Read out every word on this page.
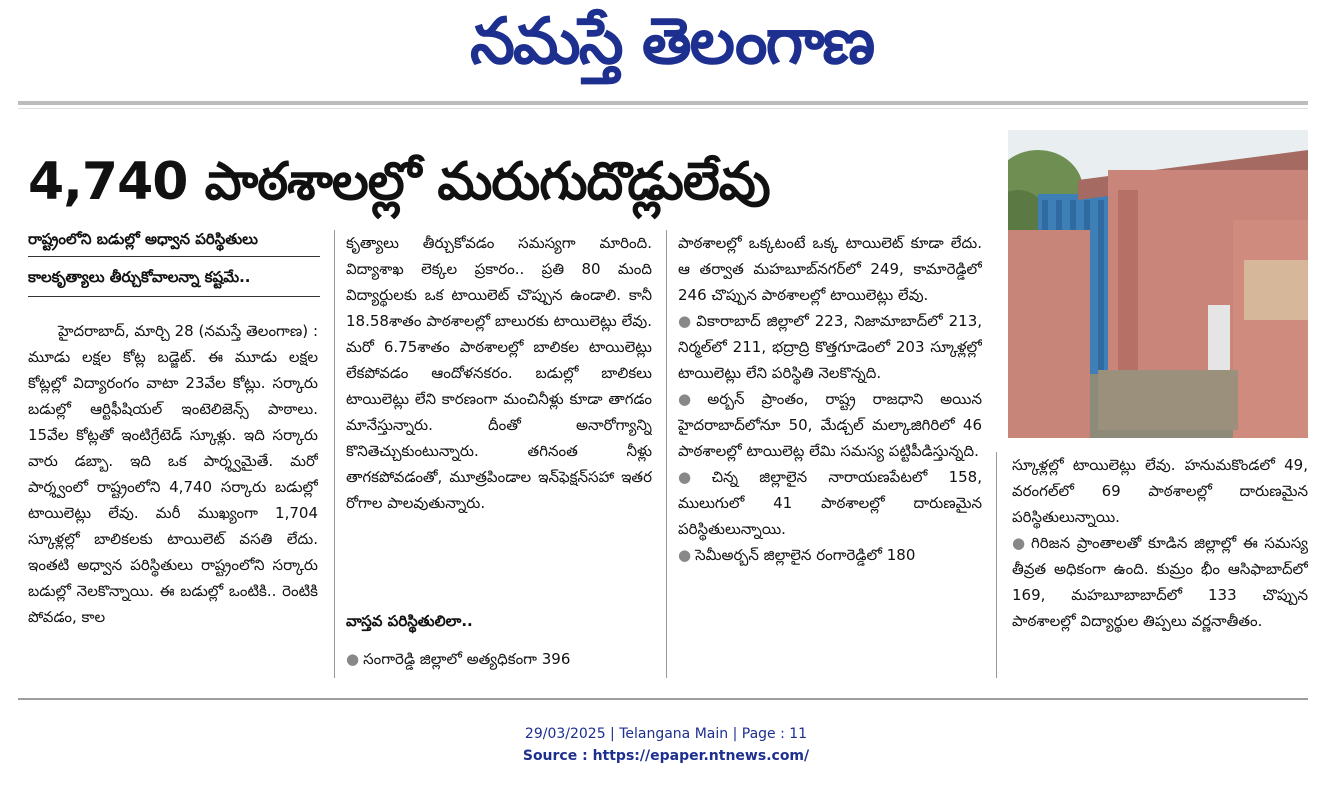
నమస్తే తెలంగాణ
4,740 పాఠశాలల్లో మరుగుదొడ్లులేవు
రాష్ట్రంలోని బడుల్లో అధ్వాన పరిస్థితులు
కాలకృత్యాలు తీర్చుకోవాలన్నా కష్టమే..

హైదరాబాద్, మార్చి 28 (నమస్తే తెలంగాణ) : మూడు లక్షల కోట్ల బడ్జెట్. ఈ మూడు లక్షల కోట్లల్లో విద్యారంగం వాటా 23వేల కోట్లు. సర్కారు బడుల్లో ఆర్టిఫీషియల్ ఇంటెలిజెన్స్ పాఠాలు. 15వేల కోట్లతో ఇంటిగ్రేటెడ్ స్కూళ్లు. ఇది సర్కారు వారు డబ్బా. ఇది ఒక పార్శ్వమైతే. మరో పార్శ్వంలో రాష్ట్రంలోని 4,740 సర్కారు బడుల్లో టాయిలెట్లు లేవు. మరీ ముఖ్యంగా 1,704 స్కూళ్లల్లో బాలికలకు టాయిలెట్ వసతి లేదు. ఇంతటి అధ్వాన పరిస్థితులు రాష్ట్రంలోని సర్కారు బడుల్లో నెలకొన్నాయి. ఈ బడుల్లో ఒంటికి.. రెంటికి పోవడం, కాల

కృత్యాలు తీర్చుకోవడం సమస్యగా మారింది. విద్యాశాఖ లెక్కల ప్రకారం.. ప్రతి 80 మంది విద్యార్థులకు ఒక టాయిలెట్ చొప్పున ఉండాలి. కానీ 18.58శాతం పాఠశాలల్లో బాలురకు టాయిలెట్లు లేవు. మరో 6.75శాతం పాఠశాలల్లో బాలికల టాయిలెట్లు లేకపోవడం ఆందోళనకరం. బడుల్లో బాలికలు టాయిలెట్లు లేని కారణంగా మంచినీళ్లు కూడా తాగడం మానేస్తున్నారు. దీంతో అనారోగ్యాన్ని కొనితెచ్చుకుంటున్నారు. తగినంత నీళ్లు తాగకపోవడంతో, మూత్రపిండాల ఇన్‌ఫెక్షన్‌సహా ఇతర రోగాల పాలవుతున్నారు.

వాస్తవ పరిస్థితులిలా..

● సంగారెడ్డి జిల్లాలో అత్యధికంగా 396

పాఠశాలల్లో ఒక్కటంటే ఒక్క టాయిలెట్ కూడా లేదు. ఆ తర్వాత మహబూబ్‌నగర్‌లో 249, కామారెడ్డిలో 246 చొప్పున పాఠశాలల్లో టాయిలెట్లు లేవు.

● వికారాబాద్ జిల్లాలో 223, నిజామాబాద్‌లో 213, నిర్మల్‌లో 211, భద్రాద్రి కొత్తగూడెంలో 203 స్కూళ్లల్లో టాయిలెట్లు లేని పరిస్థితి నెలకొన్నది.

● అర్బన్ ప్రాంతం, రాష్ట్ర రాజధాని అయిన హైదరాబాద్‌లోనూ 50, మేడ్చల్ మల్కాజిగిరిలో 46 పాఠశాలల్లో టాయిలెట్ల లేమి సమస్య పట్టిపీడిస్తున్నది.

● చిన్న జిల్లాలైన నారాయణపేటలో 158, ములుగులో 41 పాఠశాలల్లో దారుణమైన పరిస్థితులున్నాయి.

● సెమీఅర్బన్ జిల్లాలైన రంగారెడ్డిలో 180

స్కూళ్లల్లో టాయిలెట్లు లేవు. హనుమకొండలో 49, వరంగల్‌లో 69 పాఠశాలల్లో దారుణమైన పరిస్థితులున్నాయి.

● గిరిజన ప్రాంతాలతో కూడిన జిల్లాల్లో ఈ సమస్య తీవ్రత అధికంగా ఉంది. కుమ్రం భీం ఆసిఫాబాద్‌లో 169, మహబూబాబాద్‌లో 133 చొప్పున పాఠశాలల్లో విద్యార్థుల తిప్పలు వర్ణనాతీతం.

29/03/2025 | Telangana Main | Page : 11
Source : https://epaper.ntnews.com/
